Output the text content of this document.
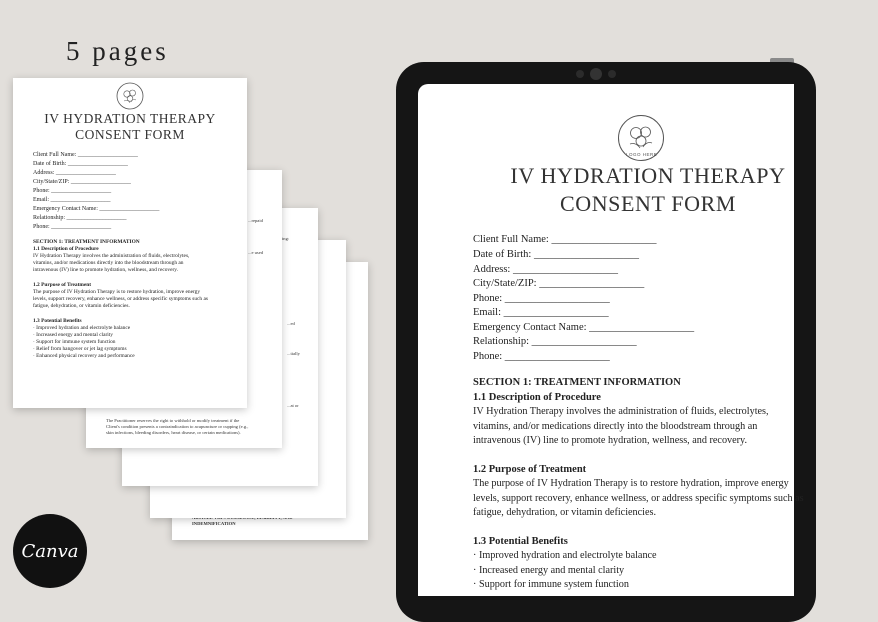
5 pages
INDEMNIFICATION
ing:
...ed
...tially
...at or
...repaid
...e used
The Practitioner reserves the right to withhold or modify treatment if the
Client's condition presents a contraindication to acupuncture or cupping (e.g.,
skin infections, bleeding disorders, heart disease, or certain medications).
IV HYDRATION THERAPY
CONSENT FORM
Client Full Name: ____________________
Date of Birth: ____________________
Address: ____________________
City/State/ZIP: ____________________
Phone: ____________________
Email: ____________________
Emergency Contact Name: ____________________
Relationship: ____________________
Phone: ____________________
SECTION 1: TREATMENT INFORMATION
1.1 Description of Procedure
IV Hydration Therapy involves the administration of fluids, electrolytes,
vitamins, and/or medications directly into the bloodstream through an
intravenous (IV) line to promote hydration, wellness, and recovery.
1.2 Purpose of Treatment
The purpose of IV Hydration Therapy is to restore hydration, improve energy
levels, support recovery, enhance wellness, or address specific symptoms such as
fatigue, dehydration, or vitamin deficiencies.
1.3 Potential Benefits
· Improved hydration and electrolyte balance
· Increased energy and mental clarity
· Support for immune system function
· Relief from hangover or jet lag symptoms
· Enhanced physical recovery and performance
Canva
LOGO HERE
IV HYDRATION THERAPY
CONSENT FORM
Client Full Name: ____________________
Date of Birth: ____________________
Address: ____________________
City/State/ZIP: ____________________
Phone: ____________________
Email: ____________________
Emergency Contact Name: ____________________
Relationship: ____________________
Phone: ____________________
SECTION 1: TREATMENT INFORMATION
1.1 Description of Procedure
IV Hydration Therapy involves the administration of fluids, electrolytes,
vitamins, and/or medications directly into the bloodstream through an
intravenous (IV) line to promote hydration, wellness, and recovery.
1.2 Purpose of Treatment
The purpose of IV Hydration Therapy is to restore hydration, improve energy
levels, support recovery, enhance wellness, or address specific symptoms such as
fatigue, dehydration, or vitamin deficiencies.
1.3 Potential Benefits
· Improved hydration and electrolyte balance
· Increased energy and mental clarity
· Support for immune system function
